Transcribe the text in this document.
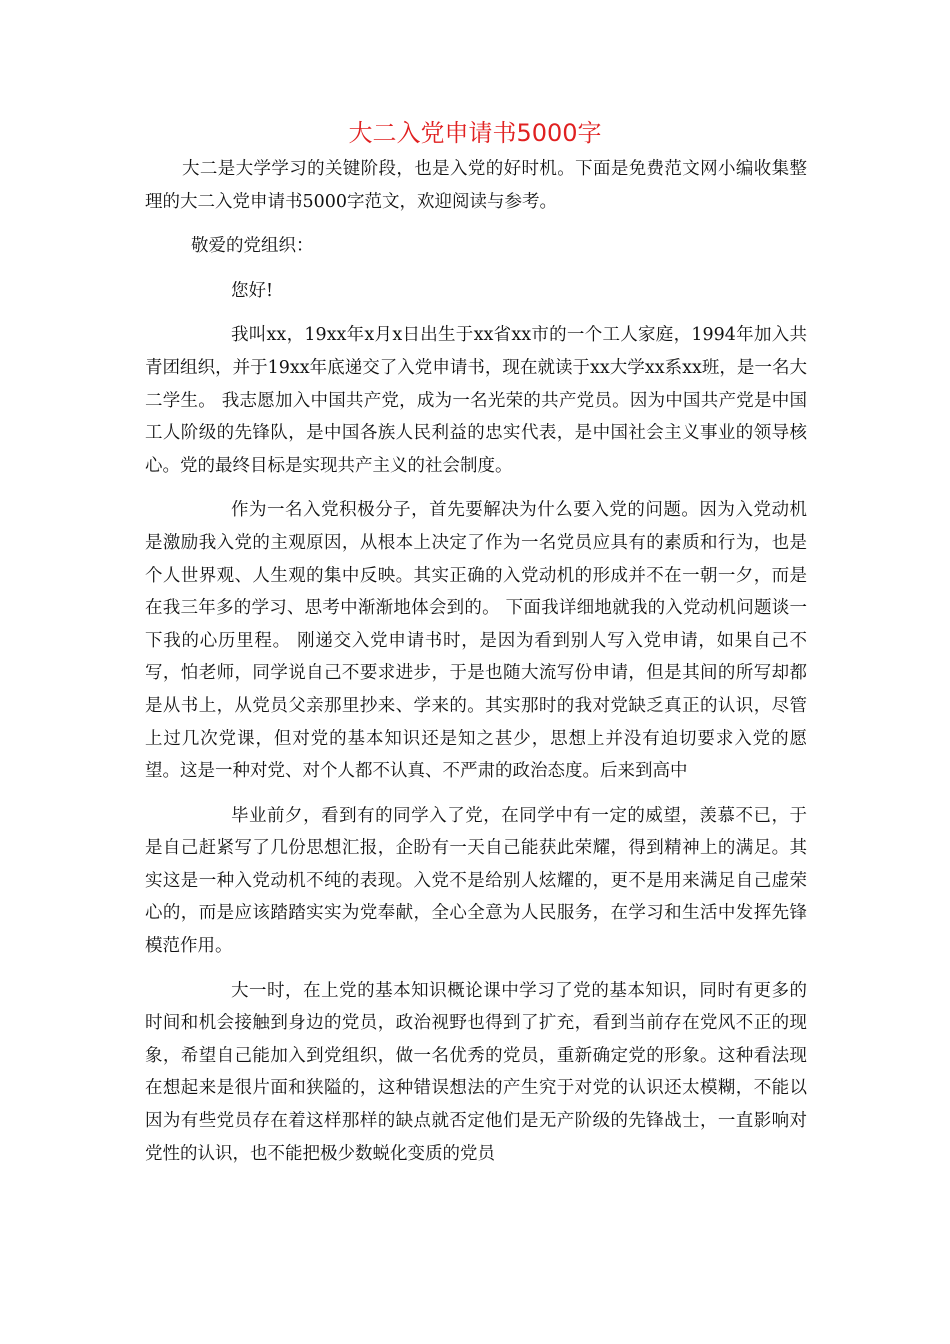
大二入党申请书5000字

大二是大学学习的关键阶段，也是入党的好时机。下面是免费范文网小编收集整理的大二入党申请书5000字范文，欢迎阅读与参考。

敬爱的党组织：

您好!

我叫xx，19xx年x月x日出生于xx省xx市的一个工人家庭，1994年加入共青团组织，并于19xx年底递交了入党申请书，现在就读于xx大学xx系xx班，是一名大二学生。 我志愿加入中国共产党，成为一名光荣的共产党员。因为中国共产党是中国工人阶级的先锋队，是中国各族人民利益的忠实代表，是中国社会主义事业的领导核心。党的最终目标是实现共产主义的社会制度。

作为一名入党积极分子，首先要解决为什么要入党的问题。因为入党动机是激励我入党的主观原因，从根本上决定了作为一名党员应具有的素质和行为，也是个人世界观、人生观的集中反映。其实正确的入党动机的形成并不在一朝一夕，而是在我三年多的学习、思考中渐渐地体会到的。 下面我详细地就我的入党动机问题谈一下我的心历里程。 刚递交入党申请书时，是因为看到别人写入党申请，如果自己不写，怕老师，同学说自己不要求进步，于是也随大流写份申请，但是其间的所写却都是从书上，从党员父亲那里抄来、学来的。其实那时的我对党缺乏真正的认识，尽管上过几次党课，但对党的基本知识还是知之甚少，思想上并没有迫切要求入党的愿望。这是一种对党、对个人都不认真、不严肃的政治态度。后来到高中

毕业前夕，看到有的同学入了党，在同学中有一定的威望，羡慕不已，于是自己赶紧写了几份思想汇报，企盼有一天自己能获此荣耀，得到精神上的满足。其实这是一种入党动机不纯的表现。入党不是给别人炫耀的，更不是用来满足自己虚荣心的，而是应该踏踏实实为党奉献，全心全意为人民服务，在学习和生活中发挥先锋模范作用。

大一时，在上党的基本知识概论课中学习了党的基本知识，同时有更多的时间和机会接触到身边的党员，政治视野也得到了扩充，看到当前存在党风不正的现象，希望自己能加入到党组织，做一名优秀的党员，重新确定党的形象。这种看法现在想起来是很片面和狭隘的，这种错误想法的产生究于对党的认识还太模糊，不能以因为有些党员存在着这样那样的缺点就否定他们是无产阶级的先锋战士，一直影响对党性的认识，也不能把极少数蜕化变质的党员
